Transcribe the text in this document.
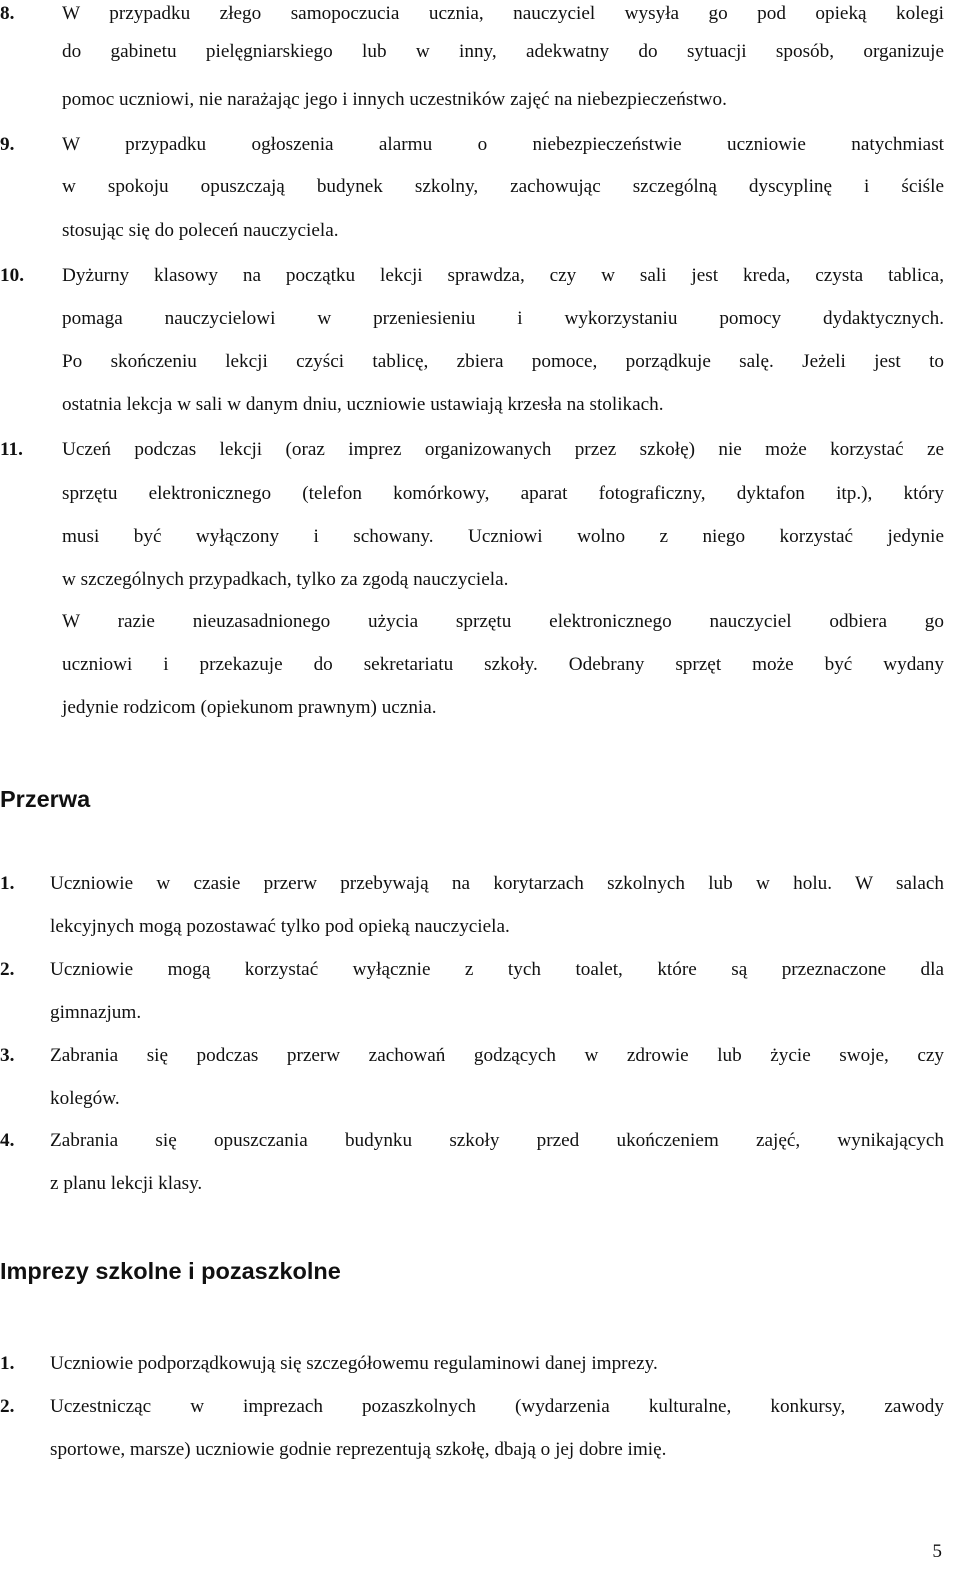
8. W przypadku złego samopoczucia ucznia, nauczyciel wysyła go pod opieką kolegi
do gabinetu pielęgniarskiego lub w inny, adekwatny do sytuacji sposób, organizuje
pomoc uczniowi, nie narażając jego i innych uczestników zajęć na niebezpieczeństwo.
9. W przypadku ogłoszenia alarmu o niebezpieczeństwie uczniowie natychmiast
w spokoju opuszczają budynek szkolny, zachowując szczególną dyscyplinę i ściśle
stosując się do poleceń nauczyciela.
10. Dyżurny klasowy na początku lekcji sprawdza, czy w sali jest kreda, czysta tablica,
pomaga nauczycielowi w przeniesieniu i wykorzystaniu pomocy dydaktycznych.
Po skończeniu lekcji czyści tablicę, zbiera pomoce, porządkuje salę. Jeżeli jest to
ostatnia lekcja w sali w danym dniu, uczniowie ustawiają krzesła na stolikach.
11. Uczeń podczas lekcji (oraz imprez organizowanych przez szkołę) nie może korzystać ze
sprzętu elektronicznego (telefon komórkowy, aparat fotograficzny, dyktafon itp.), który
musi być wyłączony i schowany. Uczniowi wolno z niego korzystać jedynie
w szczególnych przypadkach, tylko za zgodą nauczyciela.
W razie nieuzasadnionego użycia sprzętu elektronicznego nauczyciel odbiera go
uczniowi i przekazuje do sekretariatu szkoły. Odebrany sprzęt może być wydany
jedynie rodzicom (opiekunom prawnym) ucznia.
Przerwa
1. Uczniowie w czasie przerw przebywają na korytarzach szkolnych lub w holu. W salach
lekcyjnych mogą pozostawać tylko pod opieką nauczyciela.
2. Uczniowie mogą korzystać wyłącznie z tych toalet, które są przeznaczone dla
gimnazjum.
3. Zabrania się podczas przerw zachowań godzących w zdrowie lub życie swoje, czy
kolegów.
4. Zabrania się opuszczania budynku szkoły przed ukończeniem zajęć, wynikających
z planu lekcji klasy.
Imprezy szkolne i pozaszkolne
1. Uczniowie podporządkowują się szczegółowemu regulaminowi danej imprezy.
2. Uczestnicząc w imprezach pozaszkolnych (wydarzenia kulturalne, konkursy, zawody
sportowe, marsze) uczniowie godnie reprezentują szkołę, dbają o jej dobre imię.
5
